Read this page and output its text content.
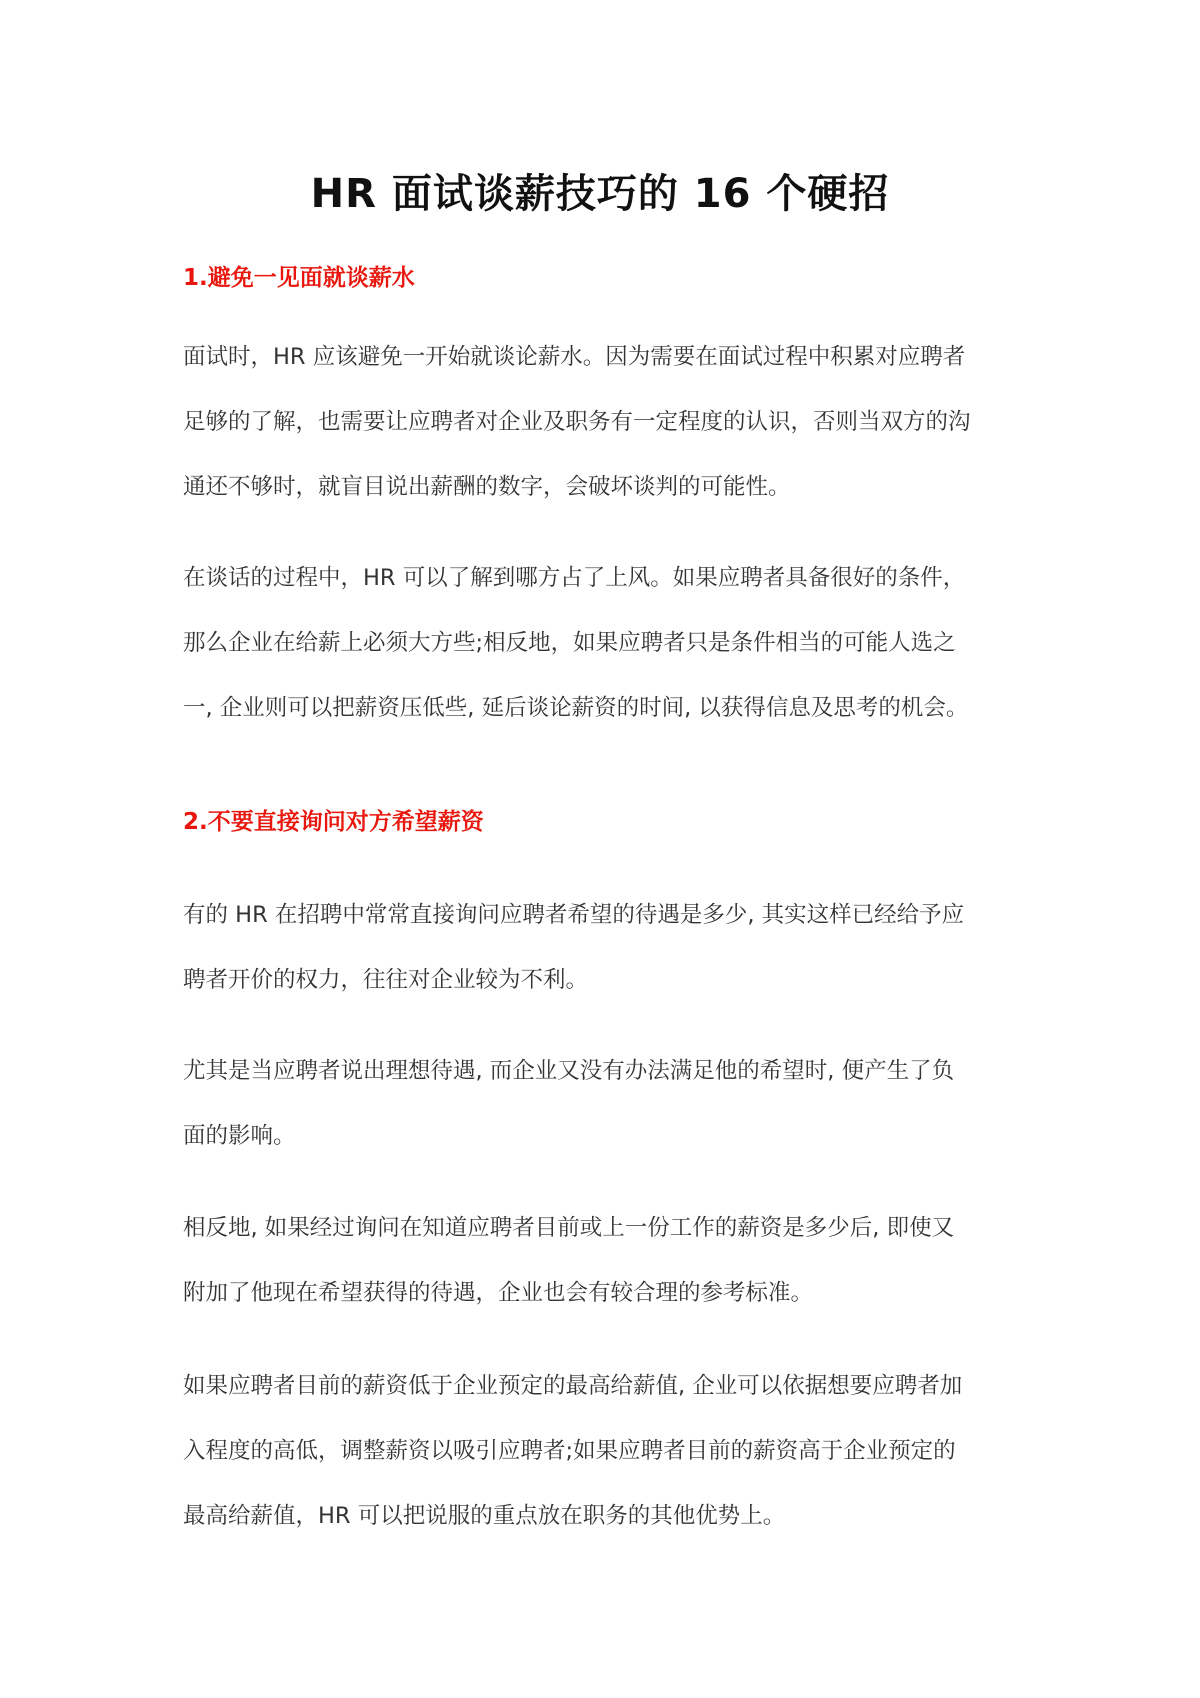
HR 面试谈薪技巧的 16 个硬招
1.避免一见面就谈薪水

面试时，HR 应该避免一开始就谈论薪水。因为需要在面试过程中积累对应聘者
足够的了解，也需要让应聘者对企业及职务有一定程度的认识，否则当双方的沟
通还不够时，就盲目说出薪酬的数字，会破坏谈判的可能性。

在谈话的过程中，HR 可以了解到哪方占了上风。如果应聘者具备很好的条件，
那么企业在给薪上必须大方些;相反地，如果应聘者只是条件相当的可能人选之
一, 企业则可以把薪资压低些, 延后谈论薪资的时间, 以获得信息及思考的机会。

2.不要直接询问对方希望薪资

有的 HR 在招聘中常常直接询问应聘者希望的待遇是多少, 其实这样已经给予应
聘者开价的权力，往往对企业较为不利。

尤其是当应聘者说出理想待遇, 而企业又没有办法满足他的希望时, 便产生了负
面的影响。

相反地, 如果经过询问在知道应聘者目前或上一份工作的薪资是多少后, 即使又
附加了他现在希望获得的待遇，企业也会有较合理的参考标准。

如果应聘者目前的薪资低于企业预定的最高给薪值, 企业可以依据想要应聘者加
入程度的高低，调整薪资以吸引应聘者;如果应聘者目前的薪资高于企业预定的
最高给薪值，HR 可以把说服的重点放在职务的其他优势上。
